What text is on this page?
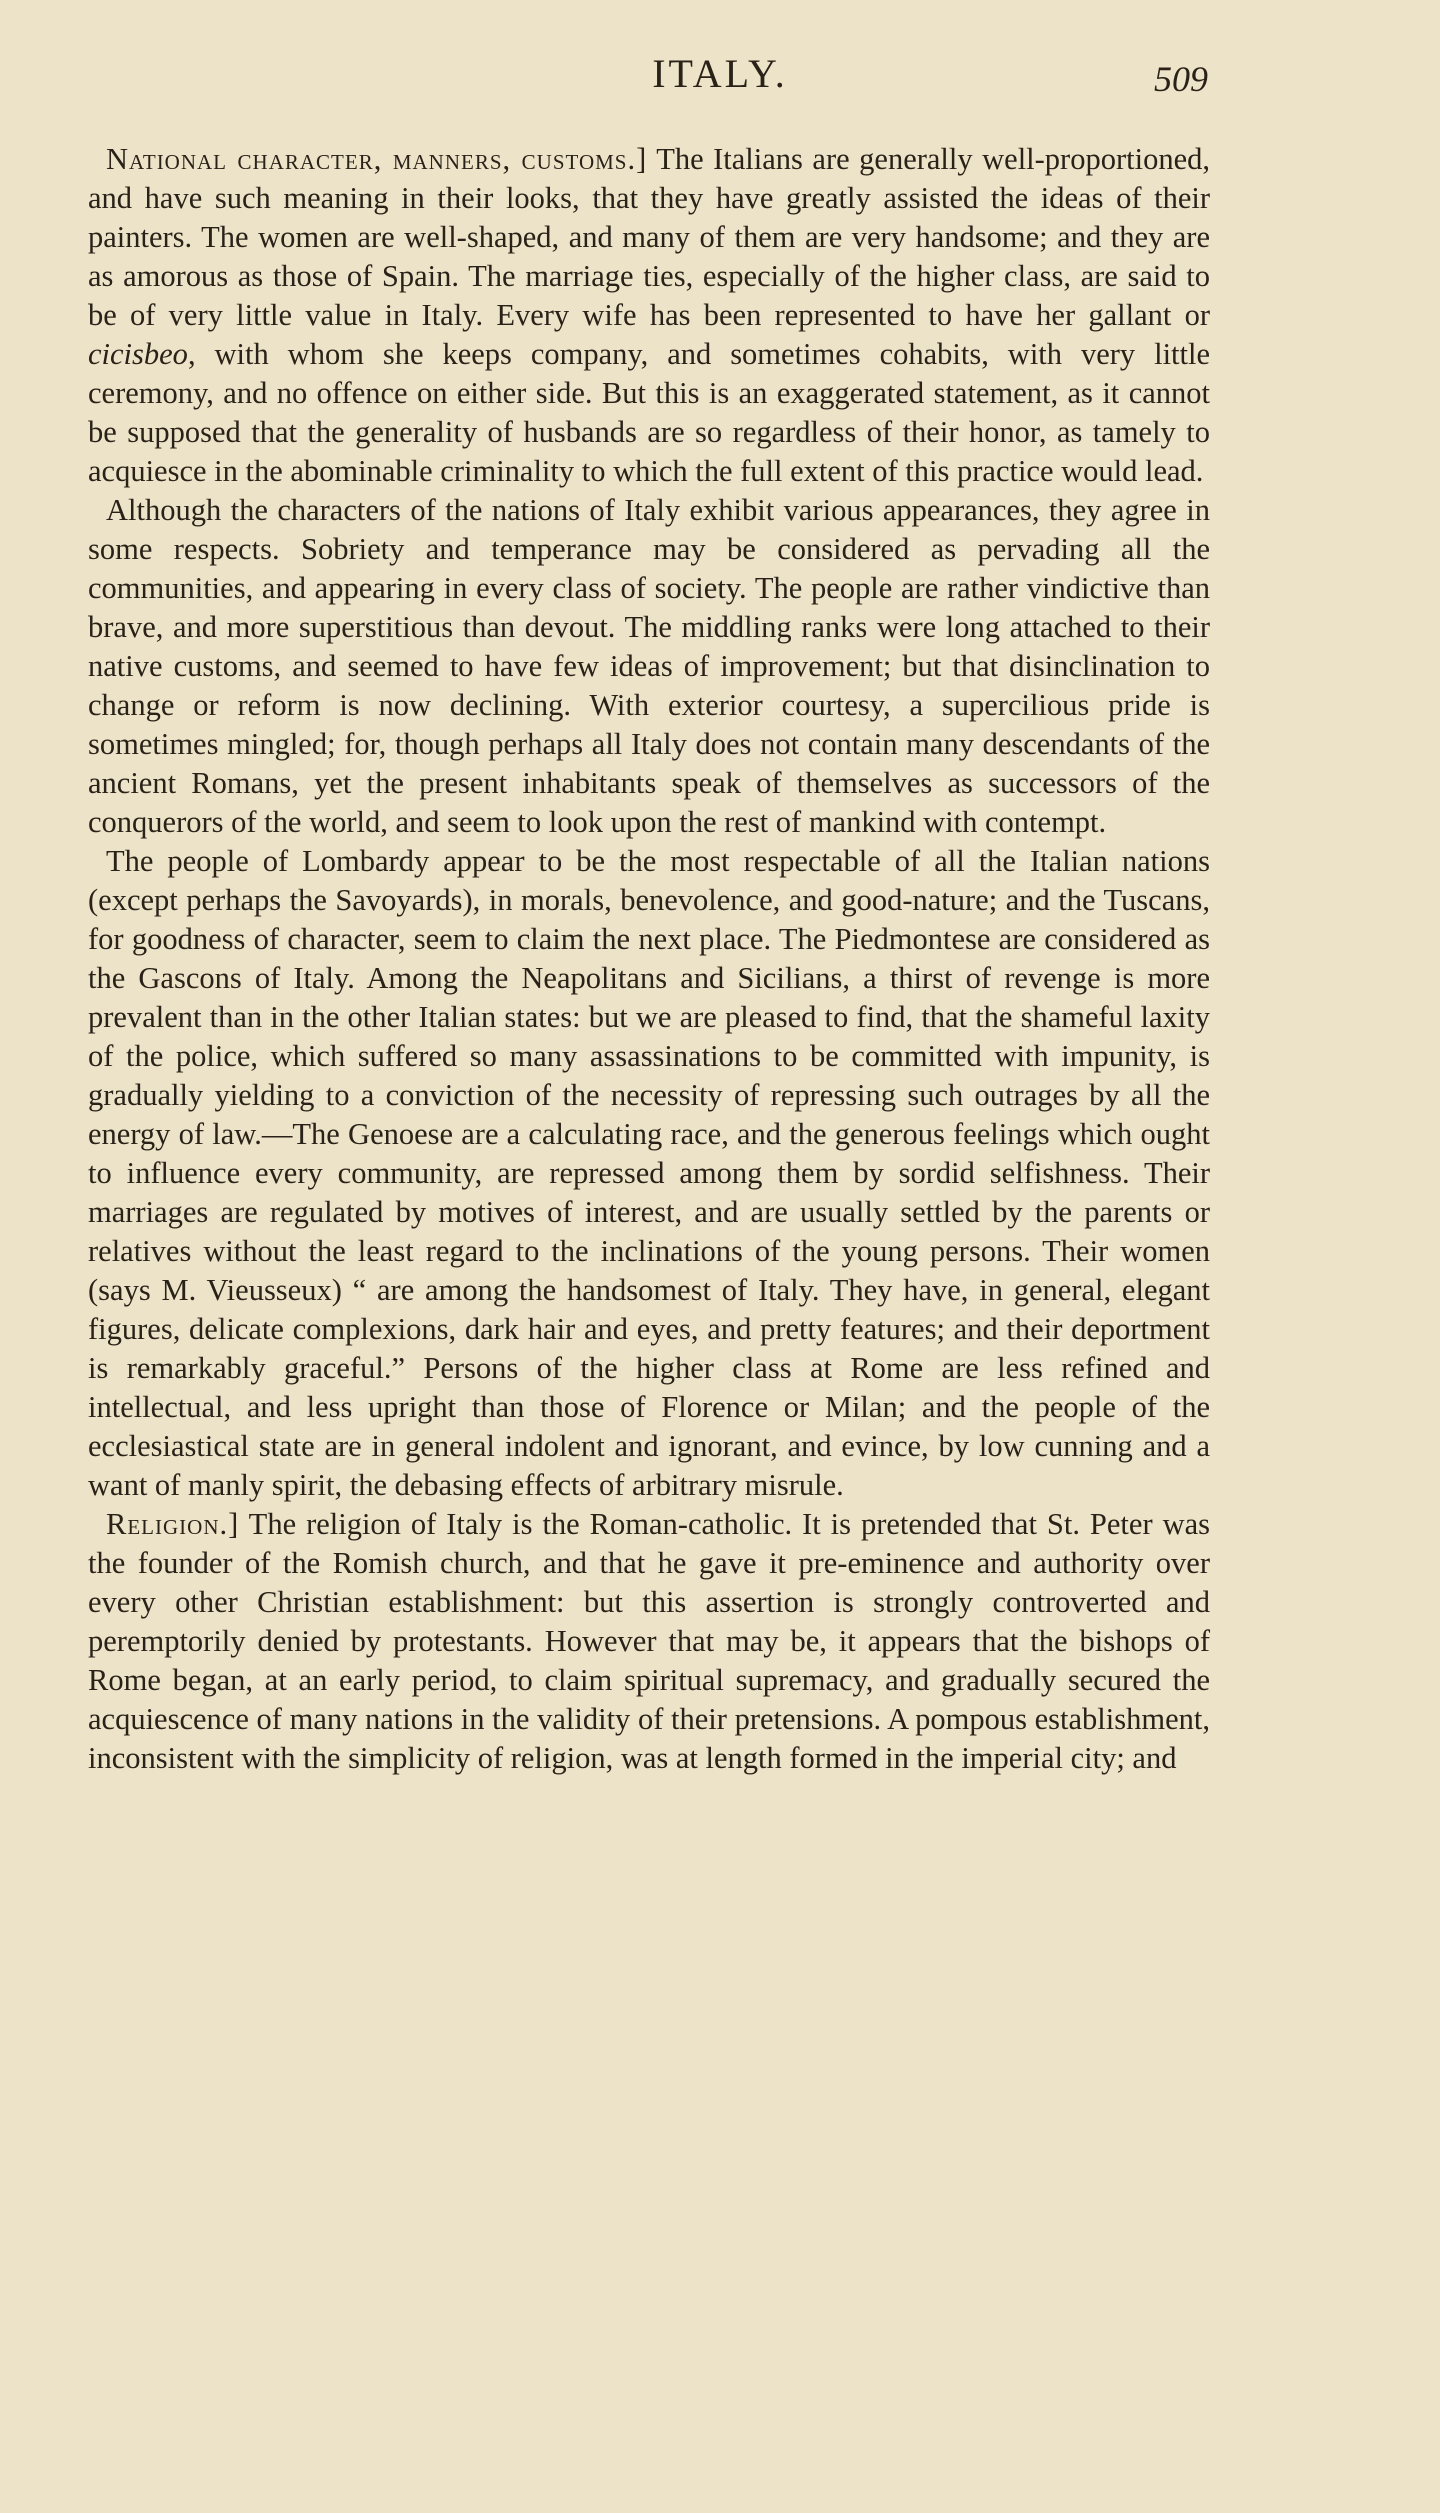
ITALY.	509

National character, manners, customs.] The Italians are generally well-proportioned, and have such meaning in their looks, that they have greatly assisted the ideas of their painters. The women are well-shaped, and many of them are very handsome; and they are as amorous as those of Spain. The marriage ties, especially of the higher class, are said to be of very little value in Italy. Every wife has been represented to have her gallant or cicisbeo, with whom she keeps company, and sometimes cohabits, with very little ceremony, and no offence on either side. But this is an exaggerated statement, as it cannot be supposed that the generality of husbands are so regardless of their honor, as tamely to acquiesce in the abominable criminality to which the full extent of this practice would lead.

Although the characters of the nations of Italy exhibit various appearances, they agree in some respects. Sobriety and temperance may be considered as pervading all the communities, and appearing in every class of society. The people are rather vindictive than brave, and more superstitious than devout. The middling ranks were long attached to their native customs, and seemed to have few ideas of improvement; but that disinclination to change or reform is now declining. With exterior courtesy, a supercilious pride is sometimes mingled; for, though perhaps all Italy does not contain many descendants of the ancient Romans, yet the present inhabitants speak of themselves as successors of the conquerors of the world, and seem to look upon the rest of mankind with contempt.

The people of Lombardy appear to be the most respectable of all the Italian nations (except perhaps the Savoyards), in morals, benevolence, and good-nature; and the Tuscans, for goodness of character, seem to claim the next place. The Piedmontese are considered as the Gascons of Italy. Among the Neapolitans and Sicilians, a thirst of revenge is more prevalent than in the other Italian states: but we are pleased to find, that the shameful laxity of the police, which suffered so many assassinations to be committed with impunity, is gradually yielding to a conviction of the necessity of repressing such outrages by all the energy of law.—The Genoese are a calculating race, and the generous feelings which ought to influence every community, are repressed among them by sordid selfishness. Their marriages are regulated by motives of interest, and are usually settled by the parents or relatives without the least regard to the inclinations of the young persons. Their women (says M. Vieusseux) “ are among the handsomest of Italy. They have, in general, elegant figures, delicate complexions, dark hair and eyes, and pretty features; and their deportment is remarkably graceful.” Persons of the higher class at Rome are less refined and intellectual, and less upright than those of Florence or Milan; and the people of the ecclesiastical state are in general indolent and ignorant, and evince, by low cunning and a want of manly spirit, the debasing effects of arbitrary misrule.

Religion.] The religion of Italy is the Roman-catholic. It is pretended that St. Peter was the founder of the Romish church, and that he gave it pre-eminence and authority over every other Christian establishment: but this assertion is strongly controverted and peremptorily denied by protestants. However that may be, it appears that the bishops of Rome began, at an early period, to claim spiritual supremacy, and gradually secured the acquiescence of many nations in the validity of their pretensions. A pompous establishment, inconsistent with the simplicity of religion, was at length formed in the imperial city; and
